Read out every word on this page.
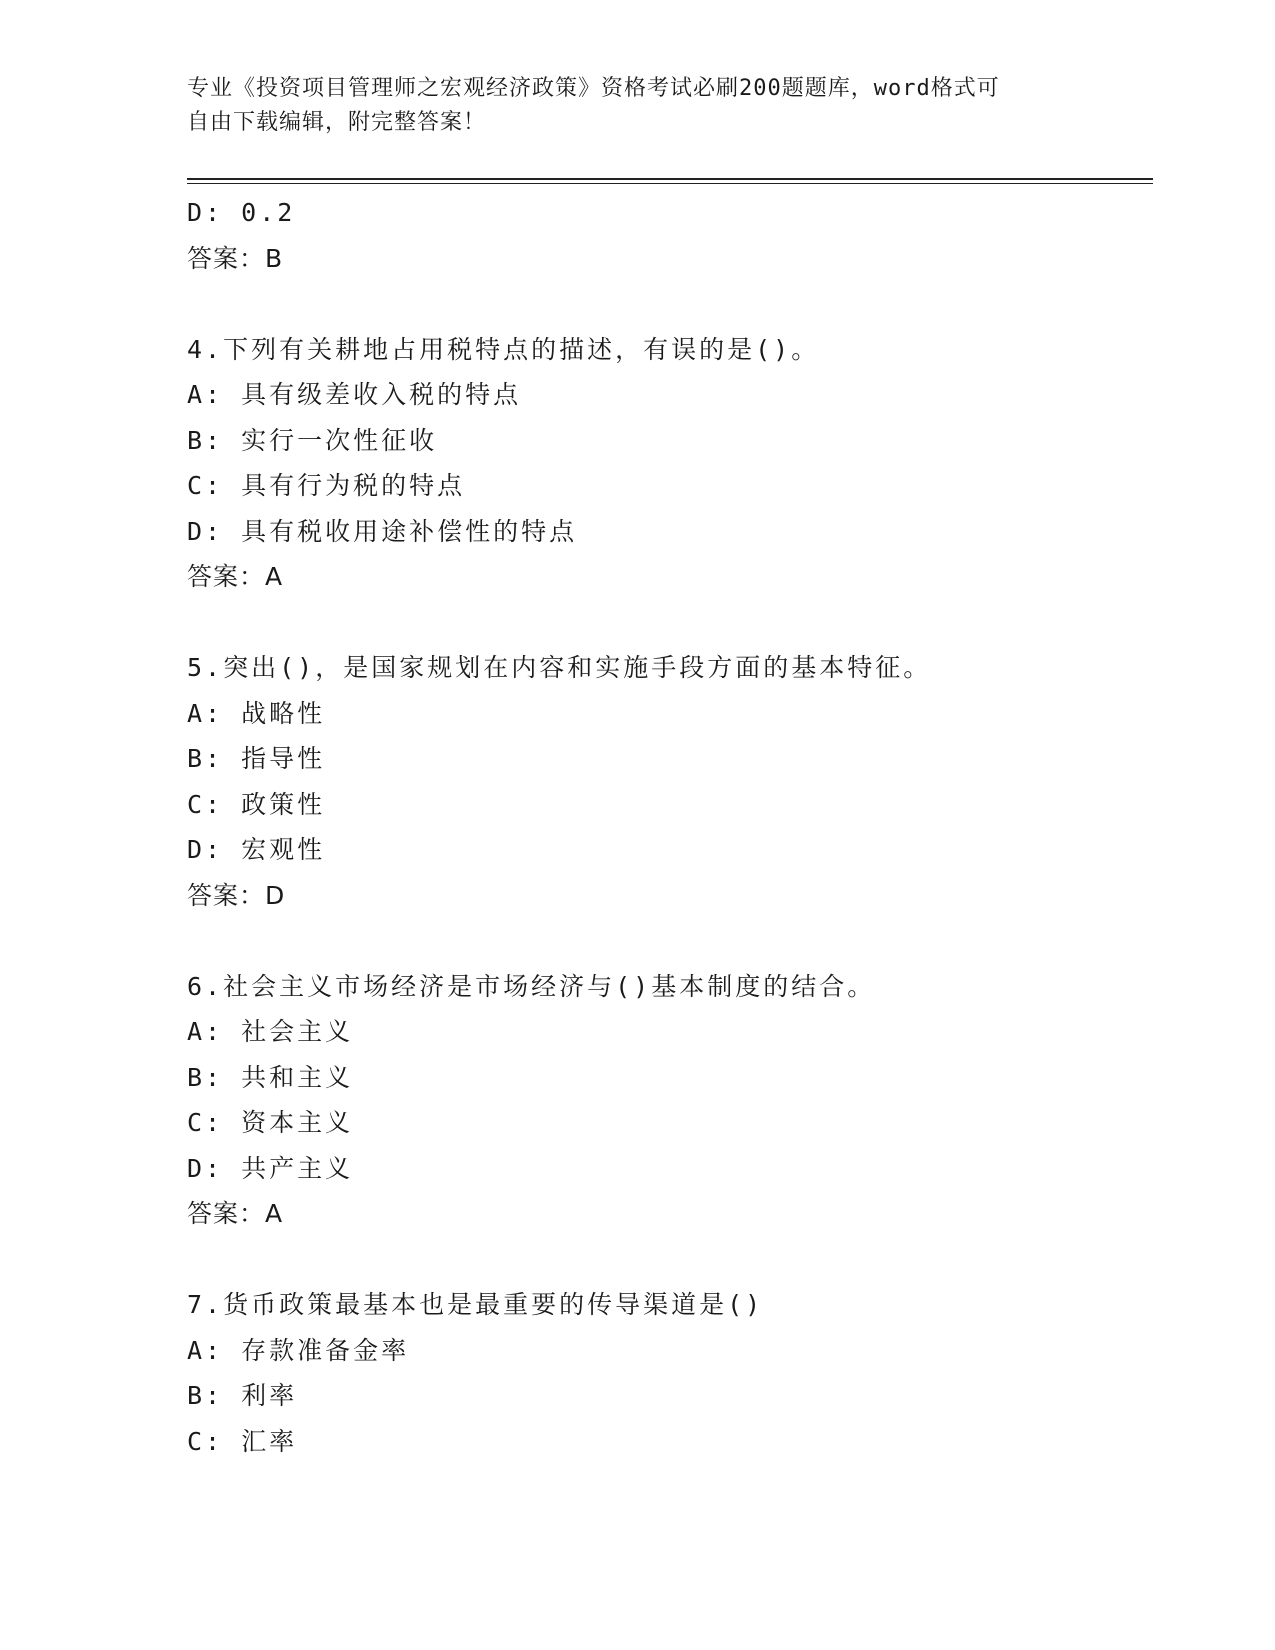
专业《投资项目管理师之宏观经济政策》资格考试必刷200题题库，word格式可
自由下载编辑，附完整答案！
D: 0.2
答案：B
4.下列有关耕地占用税特点的描述，有误的是()。
A: 具有级差收入税的特点
B: 实行一次性征收
C: 具有行为税的特点
D: 具有税收用途补偿性的特点
答案：A
5.突出()，是国家规划在内容和实施手段方面的基本特征。
A: 战略性
B: 指导性
C: 政策性
D: 宏观性
答案：D
6.社会主义市场经济是市场经济与()基本制度的结合。
A: 社会主义
B: 共和主义
C: 资本主义
D: 共产主义
答案：A
7.货币政策最基本也是最重要的传导渠道是()
A: 存款准备金率
B: 利率
C: 汇率
